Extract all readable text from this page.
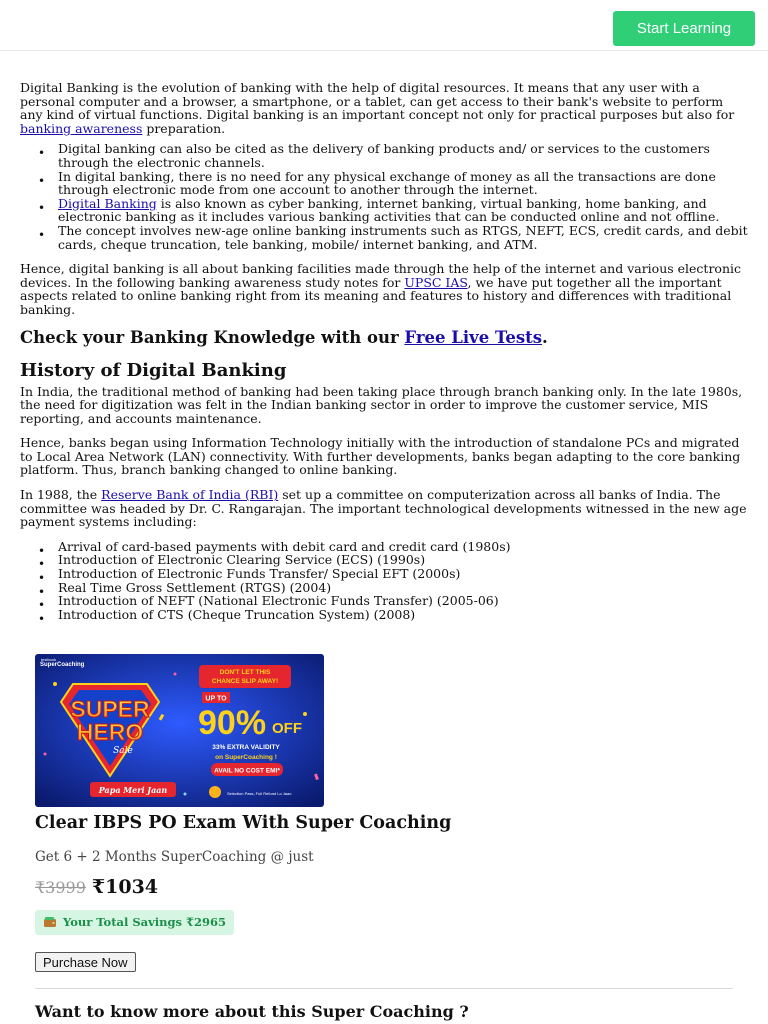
Start Learning

Digital Banking is the evolution of banking with the help of digital resources. It means that any user with a personal computer and a browser, a smartphone, or a tablet, can get access to their bank's website to perform any kind of virtual functions. Digital banking is an important concept not only for practical purposes but also for banking awareness preparation.

• Digital banking can also be cited as the delivery of banking products and/ or services to the customers through the electronic channels.
• In digital banking, there is no need for any physical exchange of money as all the transactions are done through electronic mode from one account to another through the internet.
• Digital Banking is also known as cyber banking, internet banking, virtual banking, home banking, and electronic banking as it includes various banking activities that can be conducted online and not offline.
• The concept involves new-age online banking instruments such as RTGS, NEFT, ECS, credit cards, and debit cards, cheque truncation, tele banking, mobile/ internet banking, and ATM.

Hence, digital banking is all about banking facilities made through the help of the internet and various electronic devices. In the following banking awareness study notes for UPSC IAS, we have put together all the important aspects related to online banking right from its meaning and features to history and differences with traditional banking.

Check your Banking Knowledge with our Free Live Tests.
History of Digital Banking

In India, the traditional method of banking had been taking place through branch banking only. In the late 1980s, the need for digitization was felt in the Indian banking sector in order to improve the customer service, MIS reporting, and accounts maintenance.

Hence, banks began using Information Technology initially with the introduction of standalone PCs and migrated to Local Area Network (LAN) connectivity. With further developments, banks began adapting to the core banking platform. Thus, branch banking changed to online banking.

In 1988, the Reserve Bank of India (RBI) set up a committee on computerization across all banks of India. The committee was headed by Dr. C. Rangarajan. The important technological developments witnessed in the new age payment systems including:

• Arrival of card-based payments with debit card and credit card (1980s)
• Introduction of Electronic Clearing Service (ECS) (1990s)
• Introduction of Electronic Funds Transfer/ Special EFT (2000s)
• Real Time Gross Settlement (RTGS) (2004)
• Introduction of NEFT (National Electronic Funds Transfer) (2005-06)
• Introduction of CTS (Cheque Truncation System) (2008)
testbook
SuperCoaching
SUPER
HERO
Sale
DON'T LET THIS
CHANCE SLIP AWAY!
UP TO
90% OFF
33% EXTRA VALIDITY
on SuperCoaching !
AVAIL NO COST EMI*
Papa Meri Jaan	Selection Pass, Full Refund Lo Jaao
Clear IBPS PO Exam With Super Coaching
Get 6 + 2 Months SuperCoaching @ just
₹3999 ₹1034
Your Total Savings ₹2965
Purchase Now
Want to know more about this Super Coaching ?
